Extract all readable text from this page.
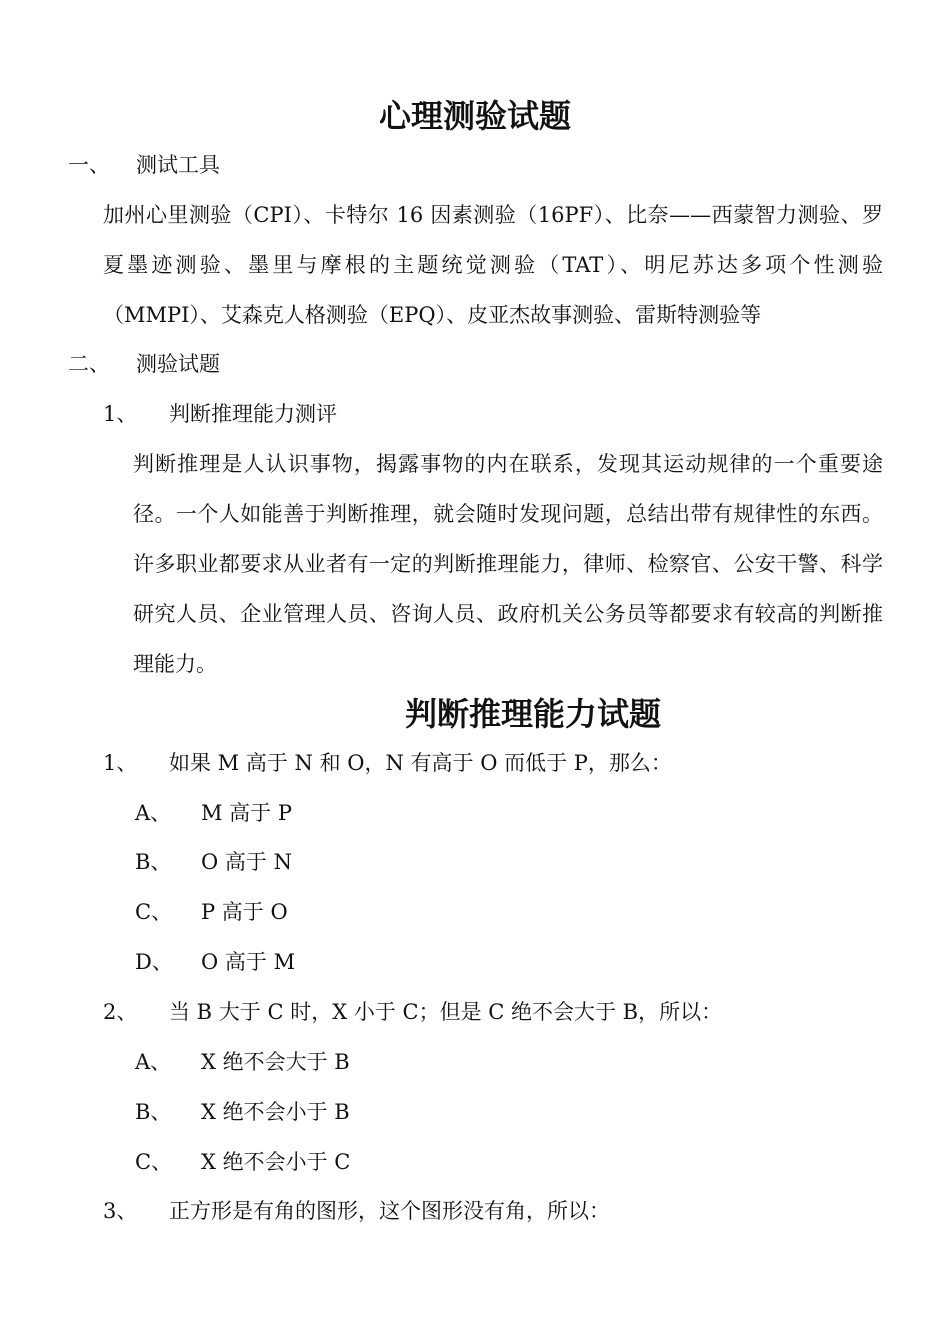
心理测验试题
一、 测试工具

加州心里测验（CPI）、卡特尔 16 因素测验（16PF）、比奈——西蒙智力测验、罗夏墨迹测验、墨里与摩根的主题统觉测验（TAT）、明尼苏达多项个性测验（MMPI）、艾森克人格测验（EPQ）、皮亚杰故事测验、雷斯特测验等

二、 测验试题
1、 判断推理能力测评

判断推理是人认识事物，揭露事物的内在联系，发现其运动规律的一个重要途径。一个人如能善于判断推理，就会随时发现问题，总结出带有规律性的东西。许多职业都要求从业者有一定的判断推理能力，律师、检察官、公安干警、科学研究人员、企业管理人员、咨询人员、政府机关公务员等都要求有较高的判断推理能力。

判断推理能力试题
1、 如果 M 高于 N 和 O，N 有高于 O 而低于 P，那么：
A、 M 高于 P
B、 O 高于 N
C、 P 高于 O
D、 O 高于 M
2、 当 B 大于 C 时，X 小于 C；但是 C 绝不会大于 B，所以：
A、 X 绝不会大于 B
B、 X 绝不会小于 B
C、 X 绝不会小于 C
3、 正方形是有角的图形，这个图形没有角，所以：
